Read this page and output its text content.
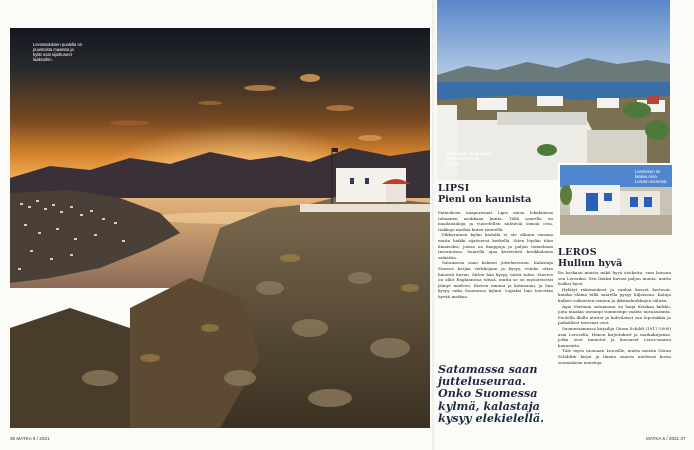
Levossaloksen puolella on puustoista maastoa ja kylät ovat sijoittuneet laaksoihin.
Parkkilaiset Skala lautan lähdön puolella ja kaikkiin.
Lerokseen on laakea Aina Lerosin merensä.
LIPSI
Pieni on kaunista
LEROS
Hullun hyvä

Patmoksen naapurisaari Lipsi ainoa lokakuussa tuhannen asukkaan kunta. Tällä saarella on maalaistaloja ja vuorotellen nähtäviä sinisiä ovia, tiukkoja mutkia kuten rinteellä.

Pikkuruinen kylän kadulla ei ole alkuun varmaa mutta kaikki sijaitsevat keskellä. Siten löydän tilan ilmaiseksi, joissa on kauppoja ja paljon tunnelmaa tavernoissa. Saarella ajaa kestävästi kreikkalaisia salaattia.

Satamassa saan kolmen jutteluseuran. Kalastaja Stavros korjaa verkkojaan ja kysyy, voinko ottaa hänestä kuvan. Sitten hän kysyy, mistä tulen. Stavros on ollut Englannissa töissä, mutta se on myönteisesti jäänyt mieleen. Kerron nimeni ja kotimaani, ja hän kysyy onko Suomessa kylmä. Lopuksi hän toivottaa hyvää matkaa.

Satamassa saan jutteluseuraa. Onko Suomessa kylmä, kalastaja kysyy elekielellä.

En koskaan muista mikä hyvä otsikoitu, vain lausuin sen Lerosiksi. Sen lisäksi kuvasi paljon muuta, mutta lisäksi hyvä.

Hylätyt rakennukset ja vanhat kasvot kertovat, kuinka elämä tällä saarella pysyy hiljaisena. Katuja kulkee valkoisten seinien ja ikkunaluukkujen välissä.

Agia Marinan satamassa on laaja Kreikan kirkko, joita maalaa useampi tummempi vaalea taivaanranta. Puolella illalla ateriat ja kahvilaiset saa lepotakkia ja paikalliset tavernat ovat.

Suomentamassa kirjailija Göran Schildt (1917-2009) asui Lerosella. Hänen kirjoitukset ja matkakirjansa, jotka ovat tunnetut ja kuvaavat Leros-saaren kauneutta.

Tule myös tuomaan Lerosille, mutta muista Göran Schildtin kirjat ja tämän saaren mielessä kovin suomalaisia muistoja.

36 MATKA 6 / 2021	MATKA 6 / 2021 37
